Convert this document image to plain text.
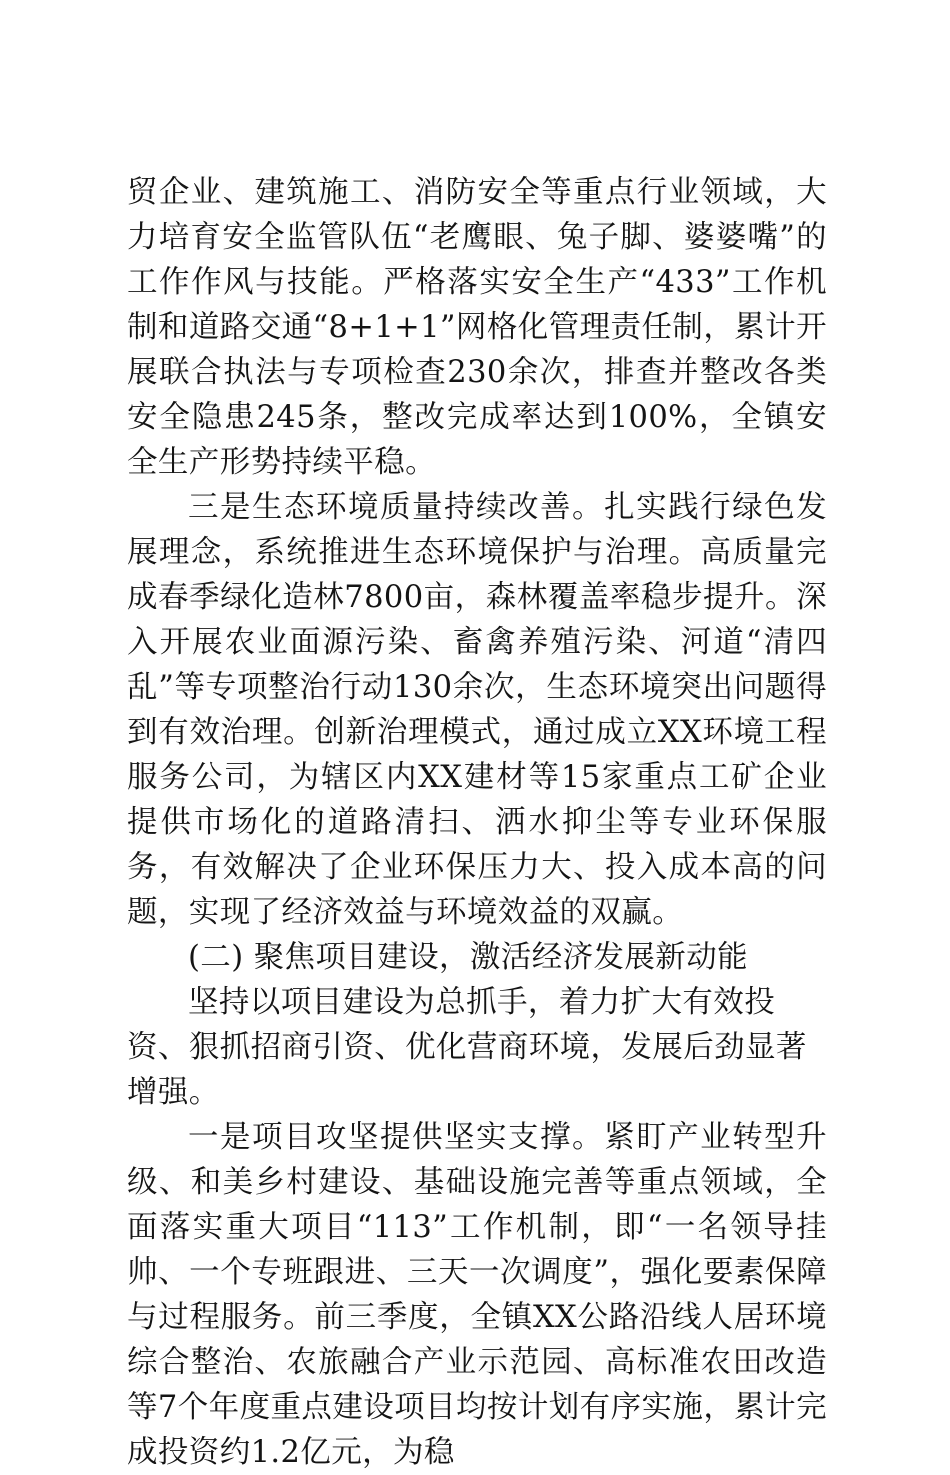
贸企业、建筑施工、消防安全等重点行业领域，大力培育安全监管队伍“老鹰眼、兔子脚、婆婆嘴”的工作作风与技能。严格落实安全生产“433”工作机制和道路交通“8+1+1”网格化管理责任制，累计开展联合执法与专项检查230余次，排查并整改各类安全隐患245条，整改完成率达到100%，全镇安全生产形势持续平稳。

三是生态环境质量持续改善。扎实践行绿色发展理念，系统推进生态环境保护与治理。高质量完成春季绿化造林7800亩，森林覆盖率稳步提升。深入开展农业面源污染、畜禽养殖污染、河道“清四乱”等专项整治行动130余次，生态环境突出问题得到有效治理。创新治理模式，通过成立XX环境工程服务公司，为辖区内XX建材等15家重点工矿企业提供市场化的道路清扫、洒水抑尘等专业环保服务，有效解决了企业环保压力大、投入成本高的问题，实现了经济效益与环境效益的双赢。

(二) 聚焦项目建设，激活经济发展新动能

坚持以项目建设为总抓手，着力扩大有效投资、狠抓招商引资、优化营商环境，发展后劲显著增强。

一是项目攻坚提供坚实支撑。紧盯产业转型升级、和美乡村建设、基础设施完善等重点领域，全面落实重大项目“113”工作机制，即“一名领导挂帅、一个专班跟进、三天一次调度”，强化要素保障与过程服务。前三季度，全镇XX公路沿线人居环境综合整治、农旅融合产业示范园、高标准农田改造等7个年度重点建设项目均按计划有序实施，累计完成投资约1.2亿元，为稳
